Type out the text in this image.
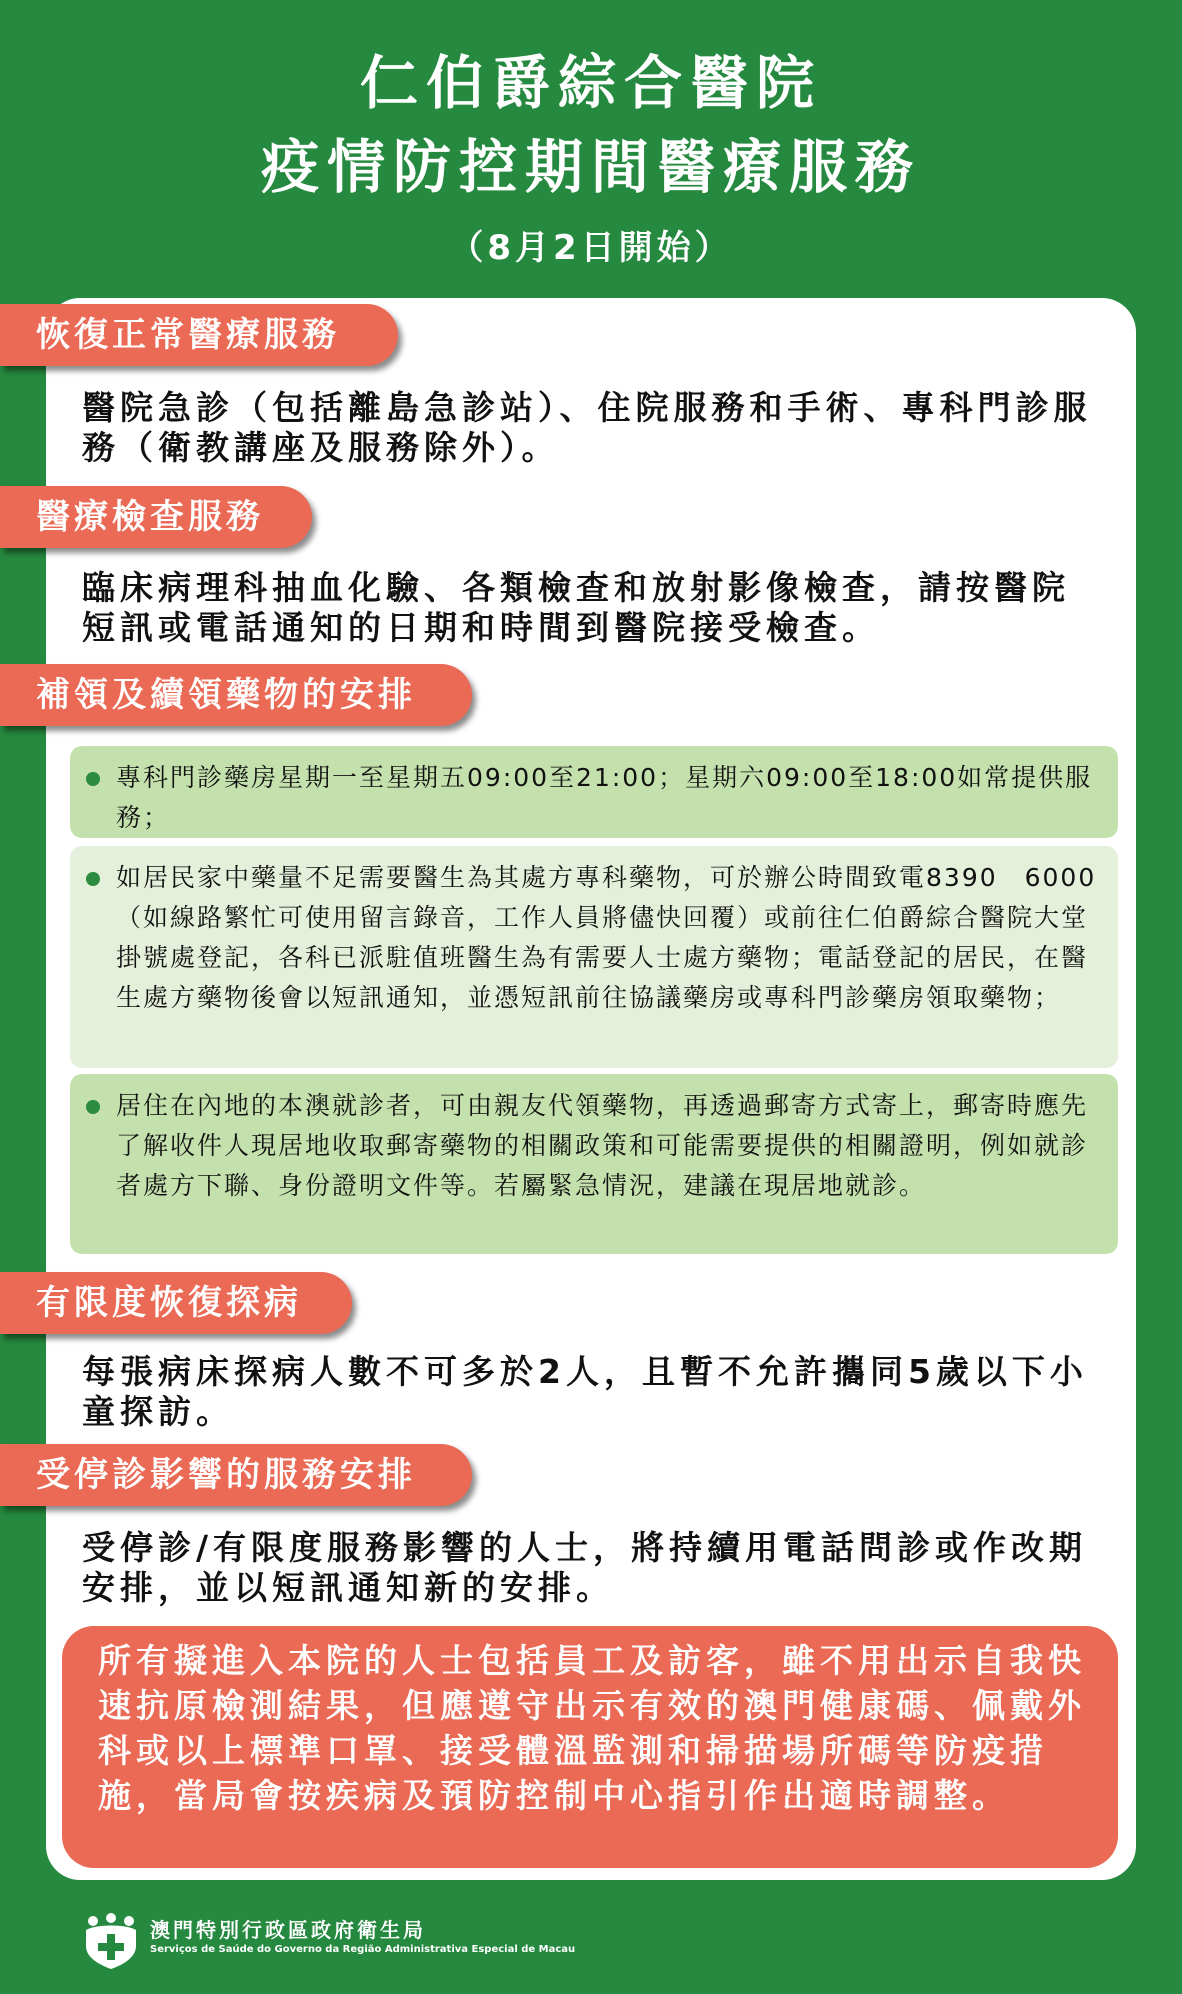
仁伯爵綜合醫院
疫情防控期間醫療服務
（8月2日開始）
恢復正常醫療服務
醫院急診（包括離島急診站）、住院服務和手術、專科門診服務（衛教講座及服務除外）。
醫療檢查服務
臨床病理科抽血化驗、各類檢查和放射影像檢查，請按醫院短訊或電話通知的日期和時間到醫院接受檢查。
補領及續領藥物的安排
專科門診藥房星期一至星期五09:00至21:00；星期六09:00至18:00如常提供服務；
如居民家中藥量不足需要醫生為其處方專科藥物，可於辦公時間致電8390　6000（如線路繁忙可使用留言錄音，工作人員將儘快回覆）或前往仁伯爵綜合醫院大堂掛號處登記，各科已派駐值班醫生為有需要人士處方藥物；電話登記的居民，在醫生處方藥物後會以短訊通知，並憑短訊前往協議藥房或專科門診藥房領取藥物；
居住在內地的本澳就診者，可由親友代領藥物，再透過郵寄方式寄上，郵寄時應先了解收件人現居地收取郵寄藥物的相關政策和可能需要提供的相關證明，例如就診者處方下聯、身份證明文件等。若屬緊急情況，建議在現居地就診。
有限度恢復探病
每張病床探病人數不可多於2人，且暫不允許攜同5歲以下小童探訪。
受停診影響的服務安排
受停診/有限度服務影響的人士，將持續用電話問診或作改期安排，並以短訊通知新的安排。
所有擬進入本院的人士包括員工及訪客，雖不用出示自我快速抗原檢測結果，但應遵守出示有效的澳門健康碼、佩戴外科或以上標準口罩、接受體溫監測和掃描場所碼等防疫措施，當局會按疾病及預防控制中心指引作出適時調整。
澳門特別行政區政府衛生局
Serviços de Saúde do Governo da Região Administrativa Especial de Macau
